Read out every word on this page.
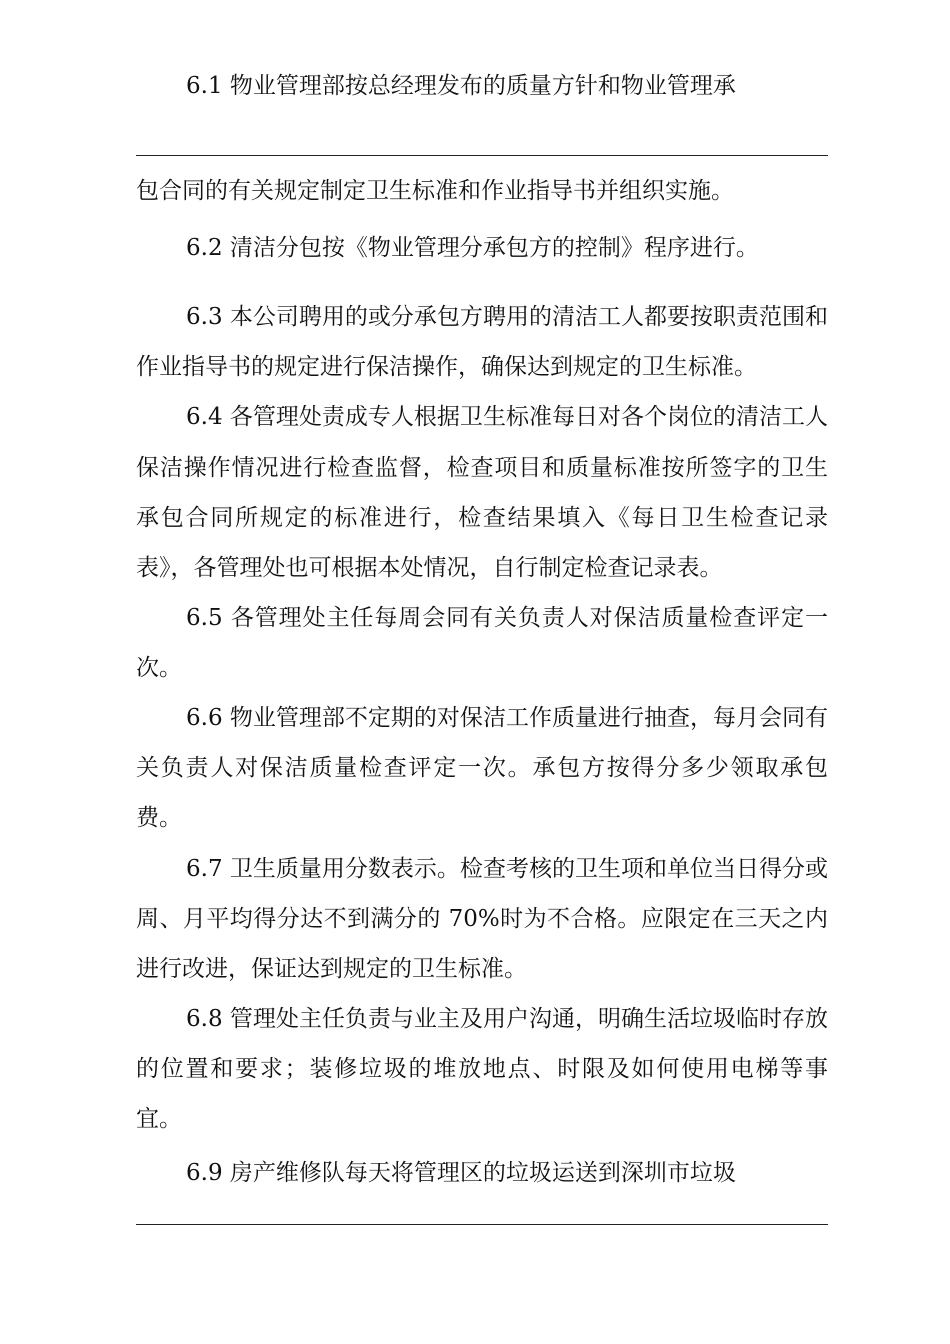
6.1 物业管理部按总经理发布的质量方针和物业管理承
包合同的有关规定制定卫生标准和作业指导书并组织实施。
6.2 清洁分包按《物业管理分承包方的控制》程序进行。
6.3 本公司聘用的或分承包方聘用的清洁工人都要按职责范围和
作业指导书的规定进行保洁操作，确保达到规定的卫生标准。
6.4 各管理处责成专人根据卫生标准每日对各个岗位的清洁工人
保洁操作情况进行检查监督，检查项目和质量标准按所签字的卫生
承包合同所规定的标准进行，检查结果填入《每日卫生检查记录
表》，各管理处也可根据本处情况，自行制定检查记录表。
6.5 各管理处主任每周会同有关负责人对保洁质量检查评定一
次。
6.6 物业管理部不定期的对保洁工作质量进行抽查，每月会同有
关负责人对保洁质量检查评定一次。承包方按得分多少领取承包
费。
6.7 卫生质量用分数表示。检查考核的卫生项和单位当日得分或
周、月平均得分达不到满分的 70%时为不合格。应限定在三天之内
进行改进，保证达到规定的卫生标准。
6.8 管理处主任负责与业主及用户沟通，明确生活垃圾临时存放
的位置和要求；装修垃圾的堆放地点、时限及如何使用电梯等事
宜。
6.9 房产维修队每天将管理区的垃圾运送到深圳市垃圾
